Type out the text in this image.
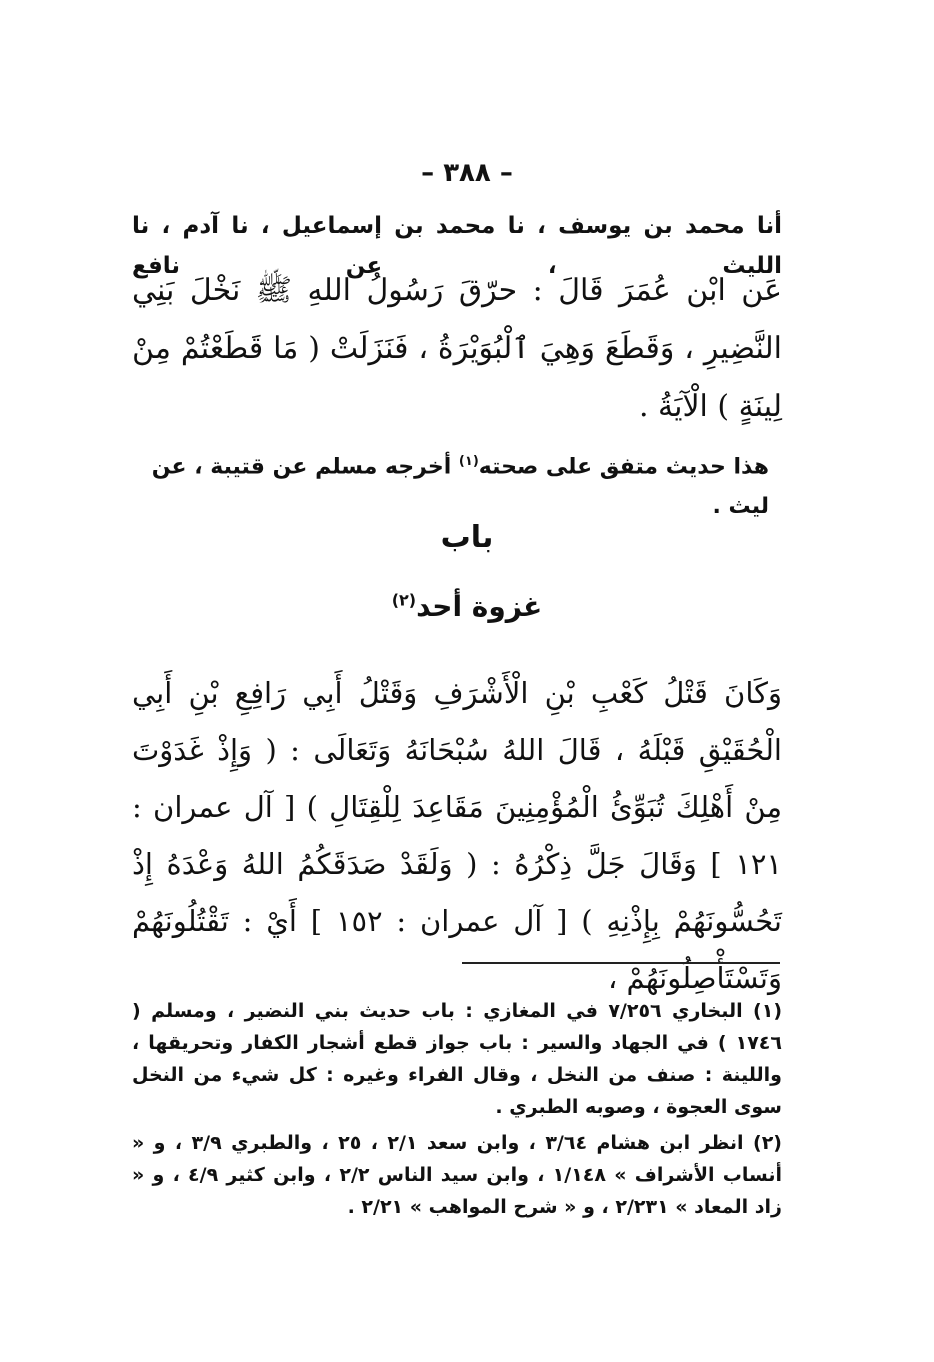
– ٣٨٨ –
أنا محمد بن يوسف ، نا محمد بن إسماعيل ، نا آدم ، نا الليث ، عن نافع

عَن ابْن عُمَرَ قَالَ : حرّقَ رَسُولُ اللهِ ﷺ نَخْلَ بَنِي النَّضِيرِ ، وَقَطَعَ وَهِيَ ٱلْبُوَيْرَةُ ، فَنَزَلَتْ ( مَا قَطَعْتُمْ مِنْ لِينَةٍ ) الْآيَةُ .

هذا حديث متفق على صحته$^{(١)}$ أخرجه مسلم عن قتيبة ، عن ليث .
باب
غزوة أحد$^{(٢)}$

وَكَانَ قَتْلُ كَعْبِ بْنِ الْأَشْرَفِ وَقَتْلُ أَبِي رَافِعِ بْنِ أَبِي الْحُقَيْقِ قَبْلَهُ ، قَالَ اللهُ سُبْحَانَهُ وَتَعَالَى : ( وَإِذْ غَدَوْتَ مِنْ أَهْلِكَ تُبَوِّئُ الْمُؤْمِنِينَ مَقَاعِدَ لِلْقِتَالِ ) [ آل عمران : ١٢١ ] وَقَالَ جَلَّ ذِكْرُهُ : ( وَلَقَدْ صَدَقَكُمُ اللهُ وَعْدَهُ إِذْ تَحُسُّونَهُمْ بِإِذْنِهِ ) [ آل عمران : ١٥٢ ] أَيْ : تَقْتُلُونَهُمْ وَتَسْتَأْصِلُونَهُمْ ،

(١) البخاري ٧/٢٥٦ في المغازي : باب حديث بني النضير ، ومسلم ( ١٧٤٦ ) في الجهاد والسير : باب جواز قطع أشجار الكفار وتحريقها ، واللينة : صنف من النخل ، وقال الفراء وغيره : كل شيء من النخل سوى العجوة ، وصوبه الطبري .

(٢) انظر ابن هشام ٣/٦٤ ، وابن سعد ٢/١ ، ٢٥ ، والطبري ٣/٩ ، و « أنساب الأشراف » ١/١٤٨ ، وابن سيد الناس ٢/٢ ، وابن كثير ٤/٩ ، و « زاد المعاد » ٢/٢٣١ ، و « شرح المواهب » ٢/٢١ .
